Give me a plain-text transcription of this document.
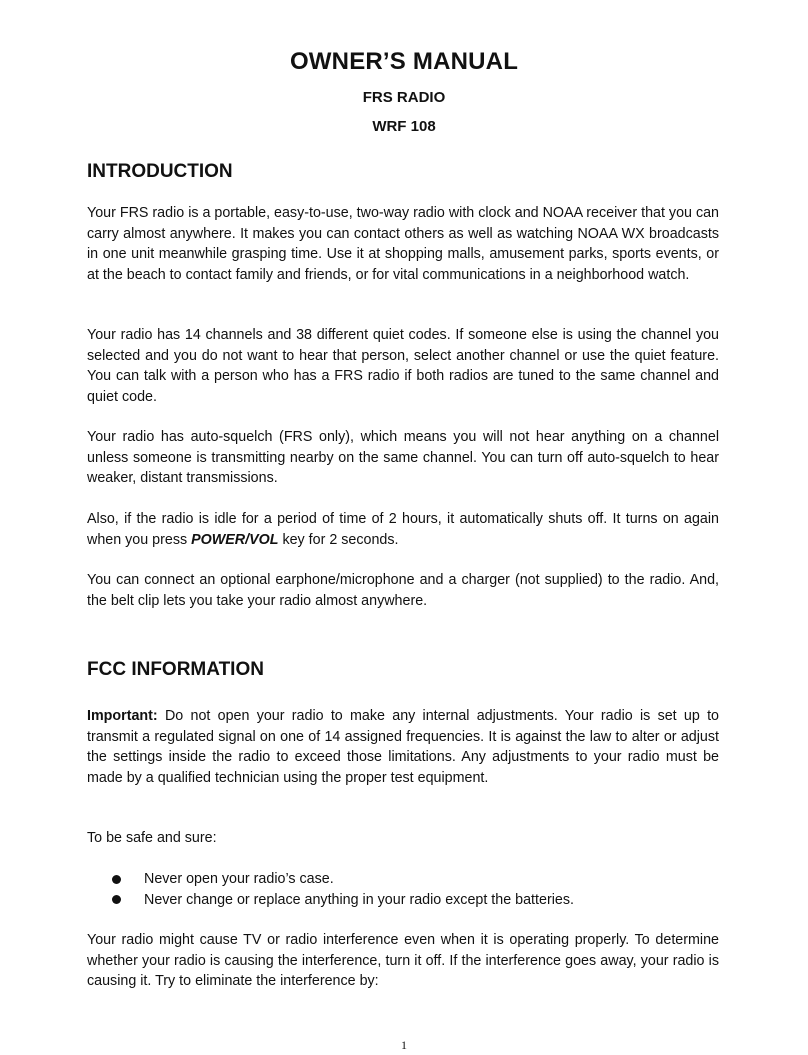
OWNER’S MANUAL
FRS RADIO
WRF 108
INTRODUCTION

Your FRS radio is a portable, easy-to-use, two-way radio with clock and NOAA receiver that you can carry almost anywhere. It makes you can contact others as well as watching NOAA WX broadcasts in one unit meanwhile grasping time. Use it at shopping malls, amusement parks, sports events, or at the beach to contact family and friends, or for vital communications in a neighborhood watch.

Your radio has 14 channels and 38 different quiet codes. If someone else is using the channel you selected and you do not want to hear that person, select another channel or use the quiet feature. You can talk with a person who has a FRS radio if both radios are tuned to the same channel and quiet code.

Your radio has auto-squelch (FRS only), which means you will not hear anything on a channel unless someone is transmitting nearby on the same channel. You can turn off auto-squelch to hear weaker, distant transmissions.

Also, if the radio is idle for a period of time of 2 hours, it automatically shuts off. It turns on again when you press POWER/VOL key for 2 seconds.

You can connect an optional earphone/microphone and a charger (not supplied) to the radio. And, the belt clip lets you take your radio almost anywhere.

FCC INFORMATION

Important: Do not open your radio to make any internal adjustments. Your radio is set up to transmit a regulated signal on one of 14 assigned frequencies. It is against the law to alter or adjust the settings inside the radio to exceed those limitations. Any adjustments to your radio must be made by a qualified technician using the proper test equipment.

To be safe and sure:

Never open your radio’s case.
Never change or replace anything in your radio except the batteries.

Your radio might cause TV or radio interference even when it is operating properly. To determine whether your radio is causing the interference, turn it off. If the interference goes away, your radio is causing it. Try to eliminate the interference by:

1
